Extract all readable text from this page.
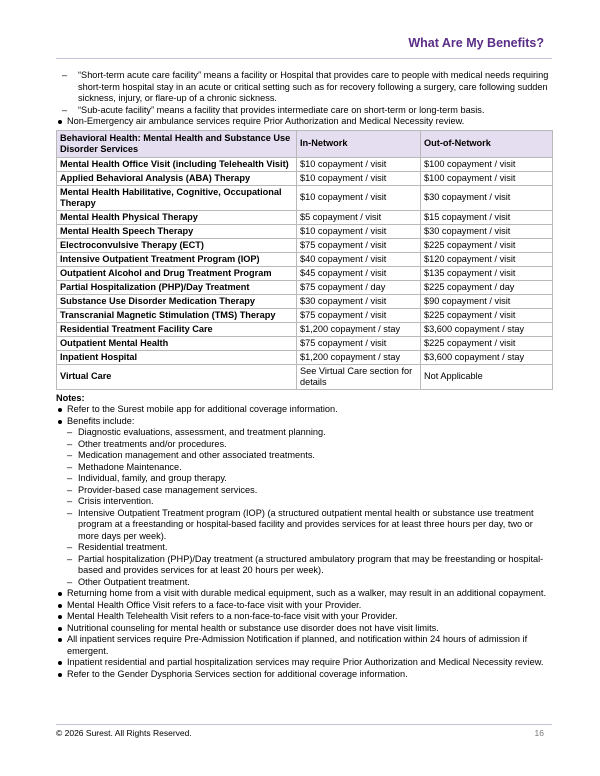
What Are My Benefits?
– “Short-term acute care facility” means a facility or Hospital that provides care to people with medical needs requiring short-term hospital stay in an acute or critical setting such as for recovery following a surgery, care following sudden sickness, injury, or flare-up of a chronic sickness.
– “Sub-acute facility” means a facility that provides intermediate care on short-term or long-term basis.
Non-Emergency air ambulance services require Prior Authorization and Medical Necessity review.
Behavioral Health: Mental Health and Substance Use Disorder Services	In-Network	Out-of-Network
Mental Health Office Visit (including Telehealth Visit)	$10 copayment / visit	$100 copayment / visit
Applied Behavioral Analysis (ABA) Therapy	$10 copayment / visit	$100 copayment / visit
Mental Health Habilitative, Cognitive, Occupational Therapy	$10 copayment / visit	$30 copayment / visit
Mental Health Physical Therapy	$5 copayment / visit	$15 copayment / visit
Mental Health Speech Therapy	$10 copayment / visit	$30 copayment / visit
Electroconvulsive Therapy (ECT)	$75 copayment / visit	$225 copayment / visit
Intensive Outpatient Treatment Program (IOP)	$40 copayment / visit	$120 copayment / visit
Outpatient Alcohol and Drug Treatment Program	$45 copayment / visit	$135 copayment / visit
Partial Hospitalization (PHP)/Day Treatment	$75 copayment / day	$225 copayment / day
Substance Use Disorder Medication Therapy	$30 copayment / visit	$90 copayment / visit
Transcranial Magnetic Stimulation (TMS) Therapy	$75 copayment / visit	$225 copayment / visit
Residential Treatment Facility Care	$1,200 copayment / stay	$3,600 copayment / stay
Outpatient Mental Health	$75 copayment / visit	$225 copayment / visit
Inpatient Hospital	$1,200 copayment / stay	$3,600 copayment / stay
Virtual Care	See Virtual Care section for details	Not Applicable
Notes:
Refer to the Surest mobile app for additional coverage information.
Benefits include:
– Diagnostic evaluations, assessment, and treatment planning.
– Other treatments and/or procedures.
– Medication management and other associated treatments.
– Methadone Maintenance.
– Individual, family, and group therapy.
– Provider-based case management services.
– Crisis intervention.
– Intensive Outpatient Treatment program (IOP) (a structured outpatient mental health or substance use treatment program at a freestanding or hospital-based facility and provides services for at least three hours per day, two or more days per week).
– Residential treatment.
– Partial hospitalization (PHP)/Day treatment (a structured ambulatory program that may be freestanding or hospital-based and provides services for at least 20 hours per week).
– Other Outpatient treatment.
Returning home from a visit with durable medical equipment, such as a walker, may result in an additional copayment.
Mental Health Office Visit refers to a face-to-face visit with your Provider.
Mental Health Telehealth Visit refers to a non-face-to-face visit with your Provider.
Nutritional counseling for mental health or substance use disorder does not have visit limits.
All inpatient services require Pre-Admission Notification if planned, and notification within 24 hours of admission if emergent.
Inpatient residential and partial hospitalization services may require Prior Authorization and Medical Necessity review.
Refer to the Gender Dysphoria Services section for additional coverage information.
© 2026 Surest. All Rights Reserved.	16
